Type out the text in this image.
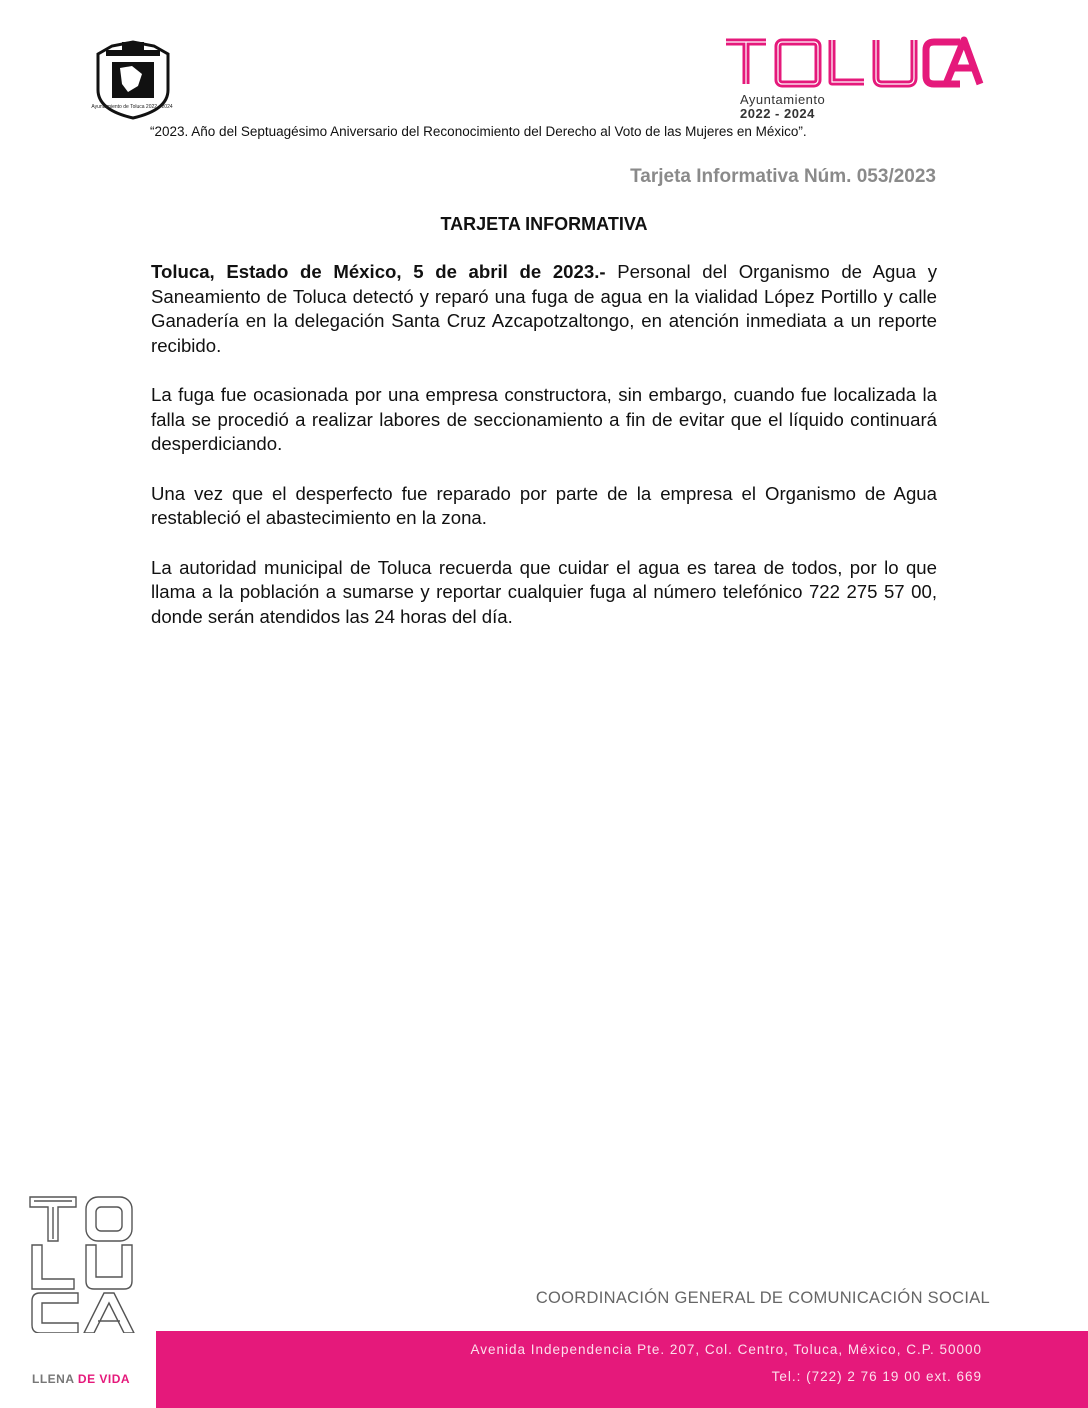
Ayuntamiento de Toluca 2022 - 2024
TOLUCA
Ayuntamiento
2022 - 2024
“2023. Año del Septuagésimo Aniversario del Reconocimiento del Derecho al Voto de las Mujeres en México”.
Tarjeta Informativa Núm. 053/2023
TARJETA INFORMATIVA

Toluca, Estado de México, 5 de abril de 2023.- Personal del Organismo de Agua y Saneamiento de Toluca detectó y reparó una fuga de agua en la vialidad López Portillo y calle Ganadería en la delegación Santa Cruz Azcapotzaltongo, en atención inmediata a un reporte recibido.

La fuga fue ocasionada por una empresa constructora, sin embargo, cuando fue localizada la falla se procedió a realizar labores de seccionamiento a fin de evitar que el líquido continuará desperdiciando.

Una vez que el desperfecto fue reparado por parte de la empresa el Organismo de Agua restableció el abastecimiento en la zona.

La autoridad municipal de Toluca recuerda que cuidar el agua es tarea de todos, por lo que llama a la población a sumarse y reportar cualquier fuga al número telefónico 722 275 57 00, donde serán atendidos las 24 horas del día.

LLENA DE VIDA
COORDINACIÓN GENERAL DE COMUNICACIÓN SOCIAL
Avenida Independencia Pte. 207, Col. Centro, Toluca, México, C.P. 50000
Tel.: (722) 2 76 19 00 ext. 669
